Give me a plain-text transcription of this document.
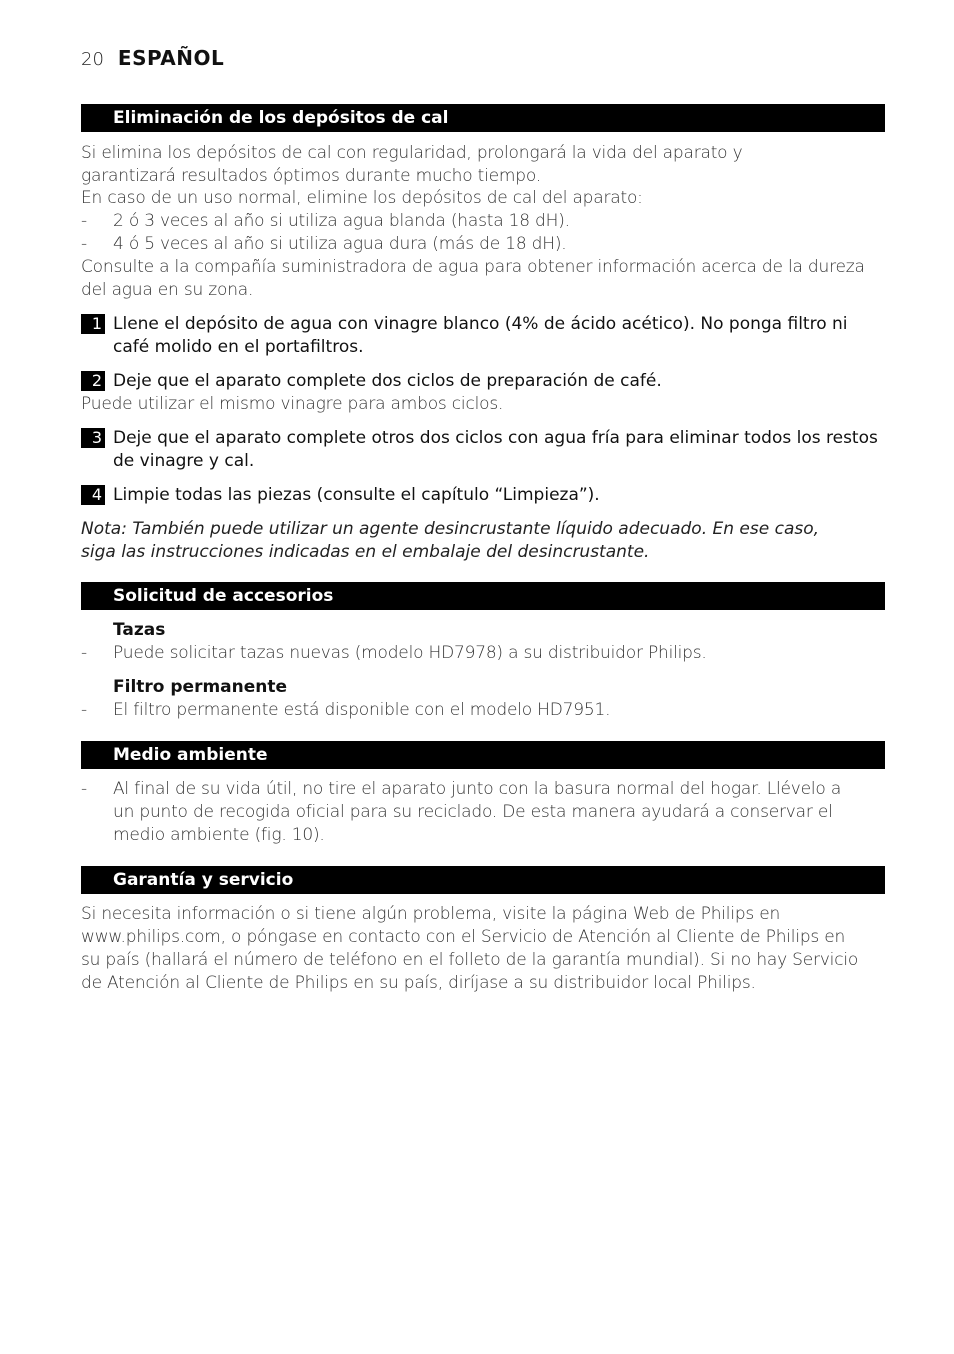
20 ESPAÑOL
Eliminación de los depósitos de cal
Si elimina los depósitos de cal con regularidad, prolongará la vida del aparato y garantizará resultados óptimos durante mucho tiempo.
En caso de un uso normal, elimine los depósitos de cal del aparato:
- 2 ó 3 veces al año si utiliza agua blanda (hasta 18 dH).
- 4 ó 5 veces al año si utiliza agua dura (más de 18 dH).
Consulte a la compañía suministradora de agua para obtener información acerca de la dureza del agua en su zona.
1 Llene el depósito de agua con vinagre blanco (4% de ácido acético). No ponga filtro ni café molido en el portafiltros.
2 Deje que el aparato complete dos ciclos de preparación de café.
Puede utilizar el mismo vinagre para ambos ciclos.
3 Deje que el aparato complete otros dos ciclos con agua fría para eliminar todos los restos de vinagre y cal.
4 Limpie todas las piezas (consulte el capítulo “Limpieza”).
Nota: También puede utilizar un agente desincrustante líquido adecuado. En ese caso, siga las instrucciones indicadas en el embalaje del desincrustante.
Solicitud de accesorios
Tazas
- Puede solicitar tazas nuevas (modelo HD7978) a su distribuidor Philips.
Filtro permanente
- El filtro permanente está disponible con el modelo HD7951.
Medio ambiente
-	Al final de su vida útil, no tire el aparato junto con la basura normal del hogar. Llévelo a un punto de recogida oficial para su reciclado. De esta manera ayudará a conservar el medio ambiente (fig. 10).
Garantía y servicio
Si necesita información o si tiene algún problema, visite la página Web de Philips en www.philips.com, o póngase en contacto con el Servicio de Atención al Cliente de Philips en su país (hallará el número de teléfono en el folleto de la garantía mundial). Si no hay Servicio de Atención al Cliente de Philips en su país, diríjase a su distribuidor local Philips.
